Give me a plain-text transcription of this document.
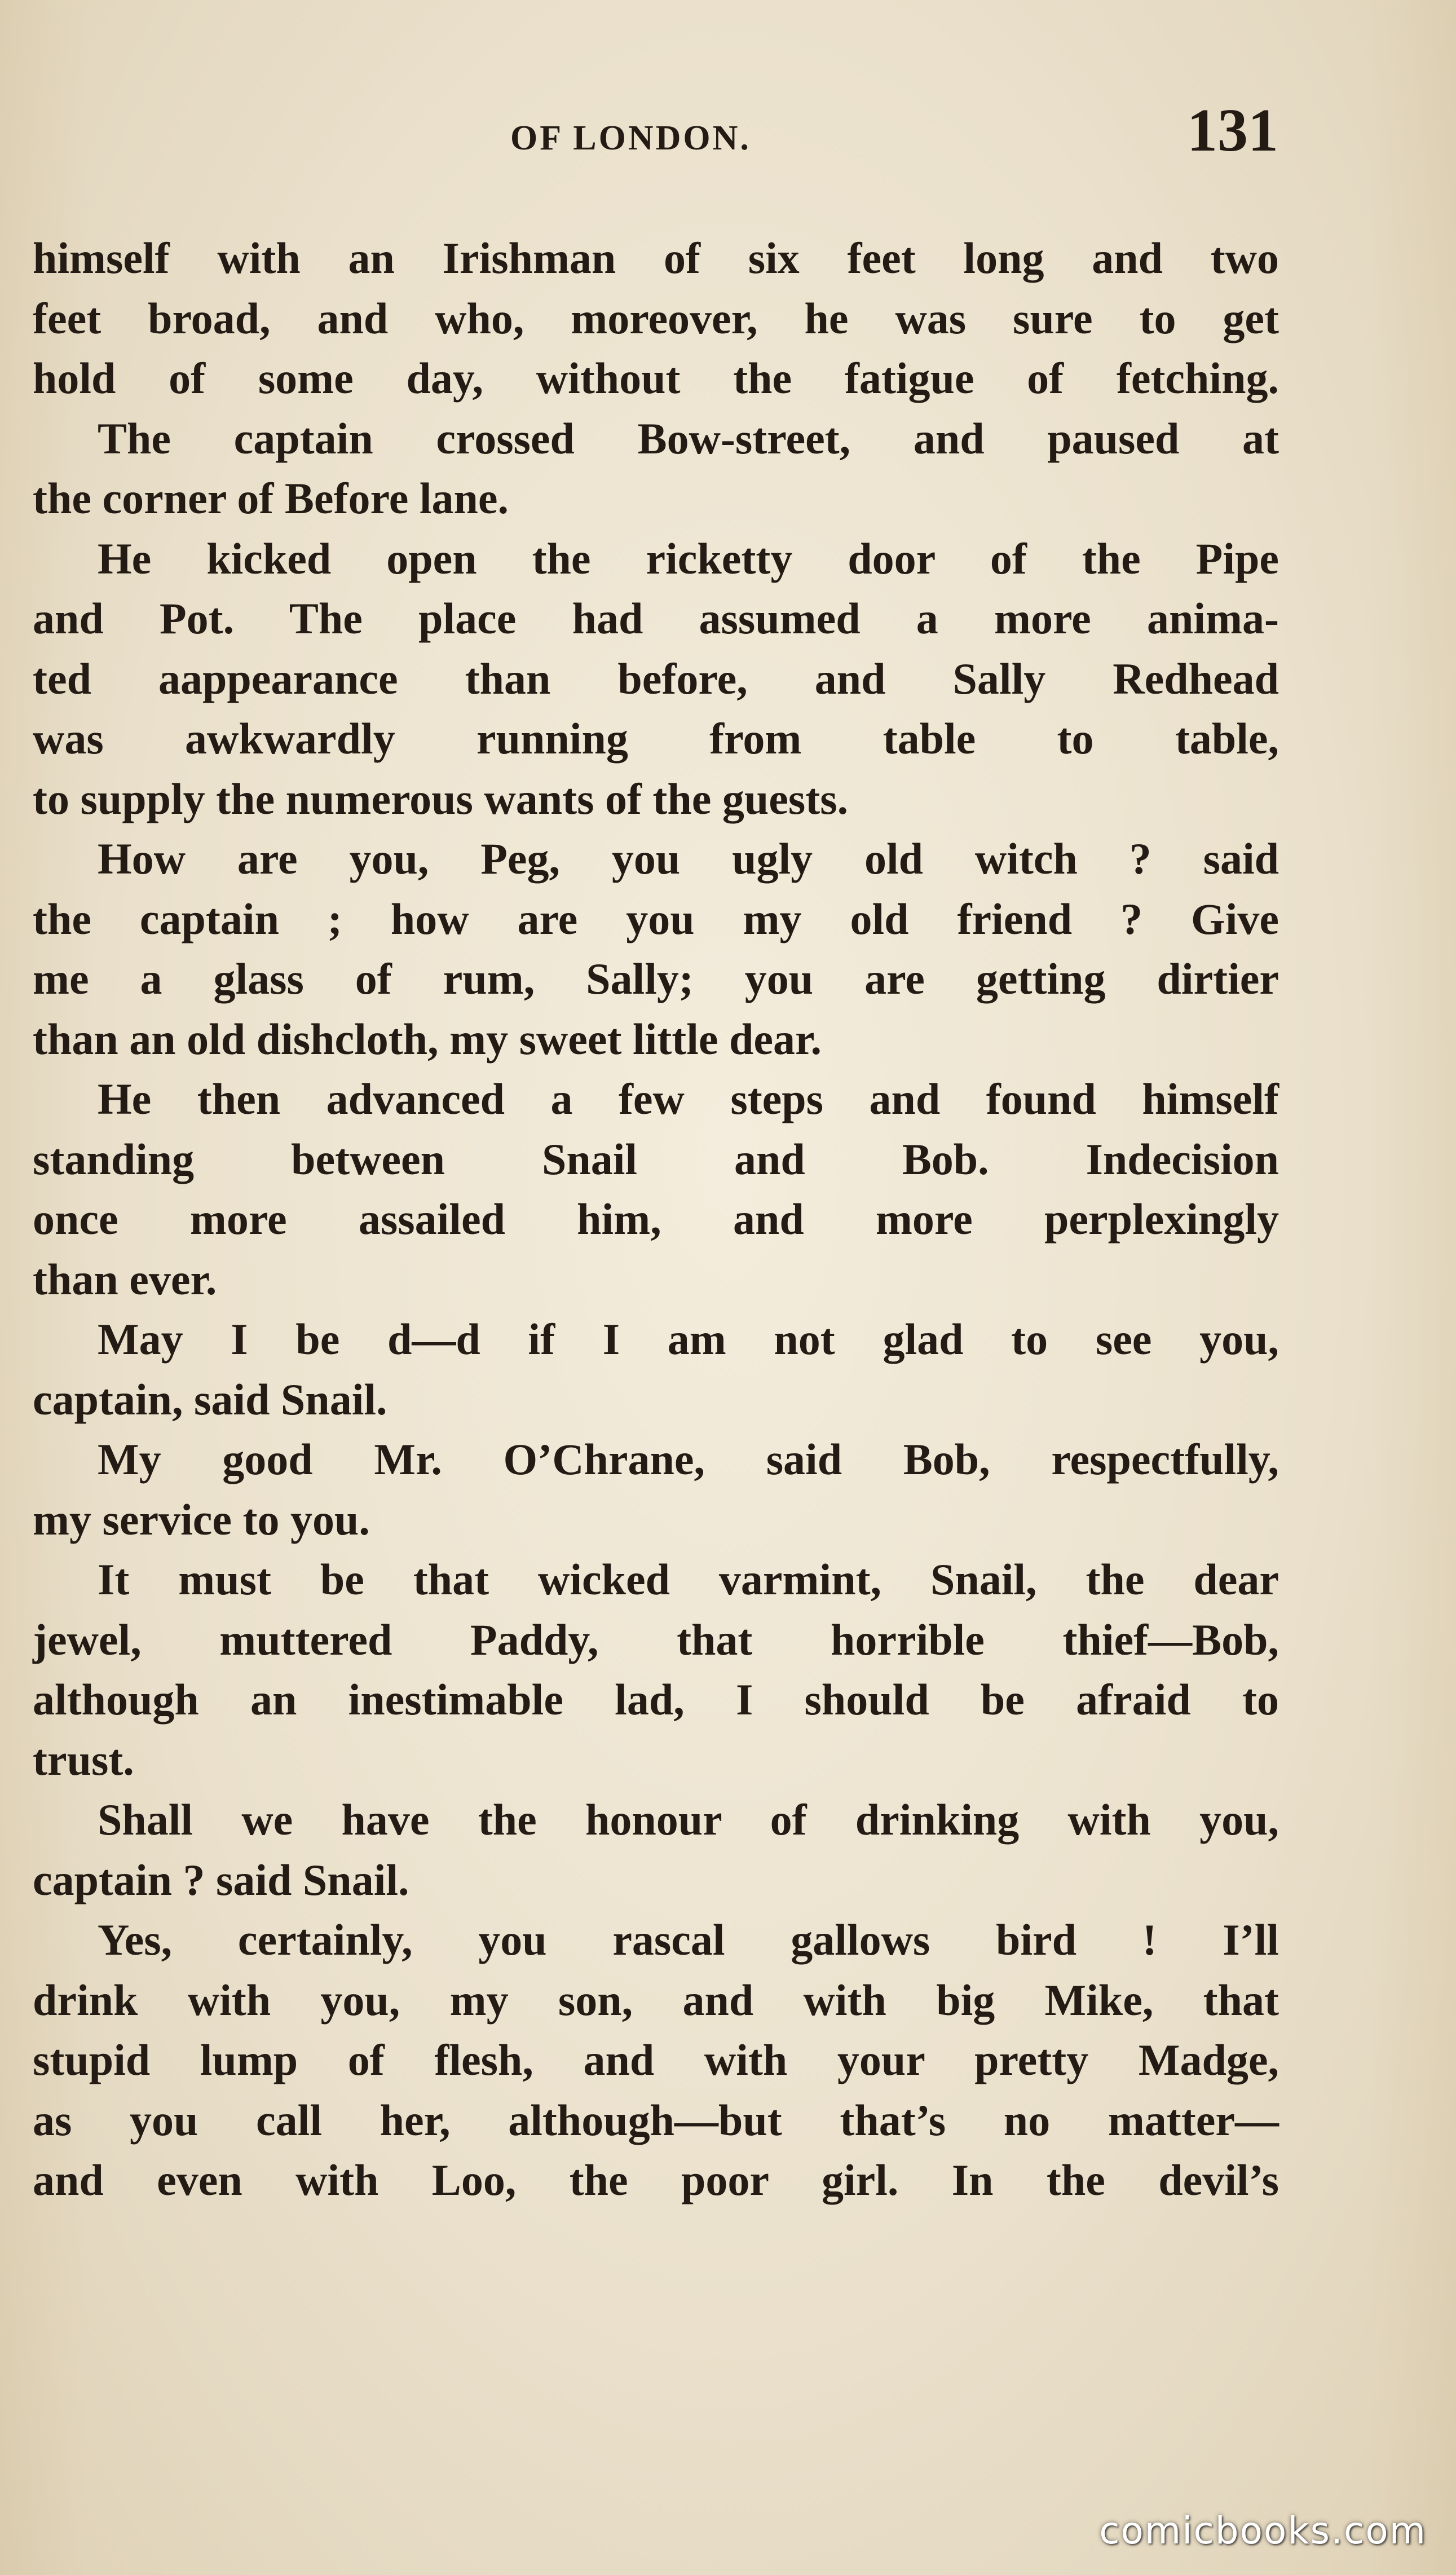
OF LONDON.	131
himself with an Irishman of six feet long and two
feet broad, and who, moreover, he was sure to get
hold of some day, without the fatigue of fetching.
The captain crossed Bow-street, and paused at
the corner of Before lane.
He kicked open the ricketty door of the Pipe
and Pot. The place had assumed a more anima-
ted aappearance than before, and Sally Redhead
was awkwardly running from table to table,
to supply the numerous wants of the guests.
How are you, Peg, you ugly old witch ? said
the captain ; how are you my old friend ? Give
me a glass of rum, Sally; you are getting dirtier
than an old dishcloth, my sweet little dear.
He then advanced a few steps and found himself
standing between Snail and Bob. Indecision
once more assailed him, and more perplexingly
than ever.
May I be d—d if I am not glad to see you,
captain, said Snail.
My good Mr. O’Chrane, said Bob, respectfully,
my service to you.
It must be that wicked varmint, Snail, the dear
jewel, muttered Paddy, that horrible thief—Bob,
although an inestimable lad, I should be afraid to
trust.
Shall we have the honour of drinking with you,
captain ? said Snail.
Yes, certainly, you rascal gallows bird ! I’ll
drink with you, my son, and with big Mike, that
stupid lump of flesh, and with your pretty Madge,
as you call her, although—but that’s no matter—
and even with Loo, the poor girl. In the devil’s
comicbooks.com
